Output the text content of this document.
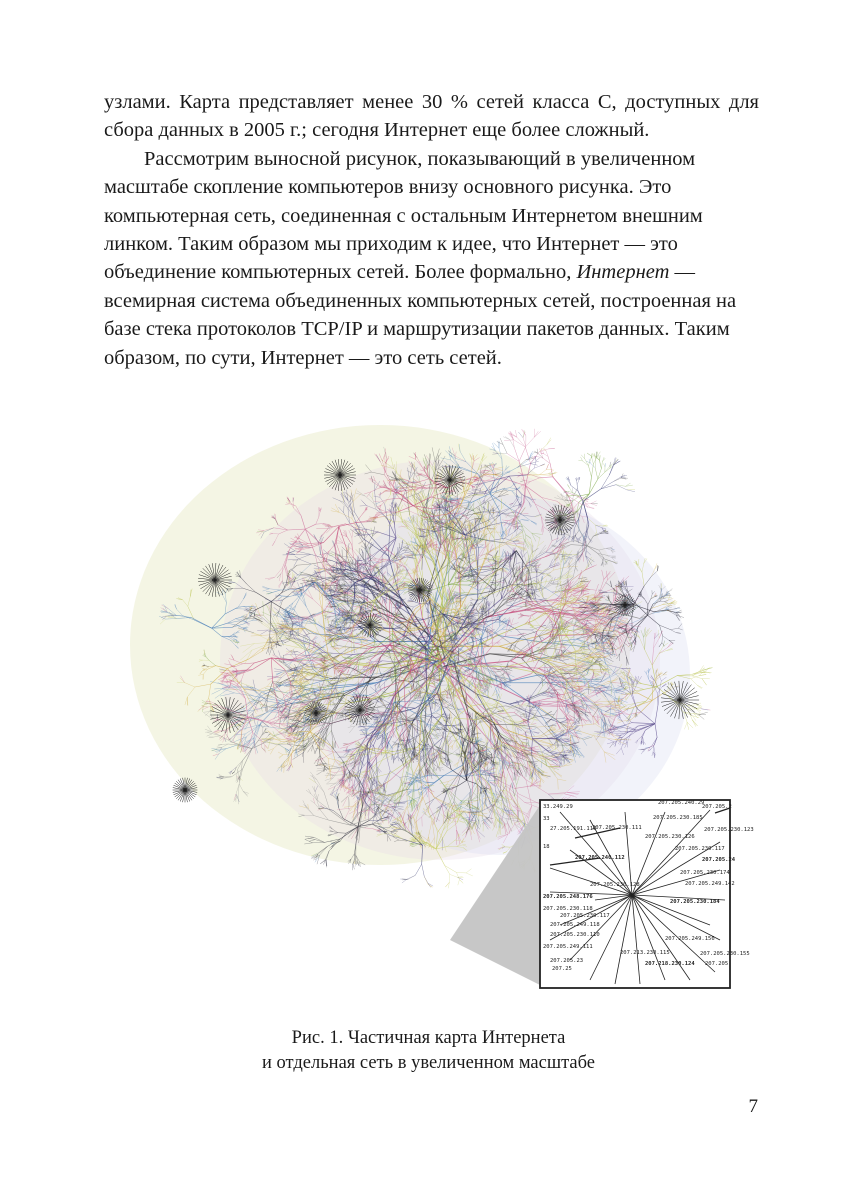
узлами. Карта представляет менее 30 % сетей класса C, доступных для сбора данных в 2005 г.; сегодня Интернет еще более сложный.

Рассмотрим выносной рисунок, показывающий в увеличенном масштабе скопление компьютеров внизу основного рисунка. Это компьютерная сеть, соединенная с остальным Интернетом внешним линком. Таким образом мы приходим к идее, что Интернет — это объединение компьютерных сетей. Более формально, Интернет — всемирная система объединенных компьютерных сетей, построенная на базе стека протоколов TCP/IP и маршрутизации пакетов данных. Таким образом, по сути, Интернет — это сеть сетей.

33.249.29
207.205.240.29
207.205.2
33	207.205.230.185
27.205.191.110	207.205.230.123
207.205.230.111
207.205.230.126
18	207.205.230.117
207.205.240.112	207.205.24
207.205.230.174
207.205.249.142
207.205.230.128
207.205.248.176
207.205.230.184
207.205.230.118
207.205.230.117
207.205.249.118
207.205.230.110
207.205.249.156
207.205.249.111
207.213.230.115
207.218.230.124
207.205.230.155
207.205
207.25
207.205.23
Рис. 1. Частичная карта Интернета
и отдельная сеть в увеличенном масштабе
7
